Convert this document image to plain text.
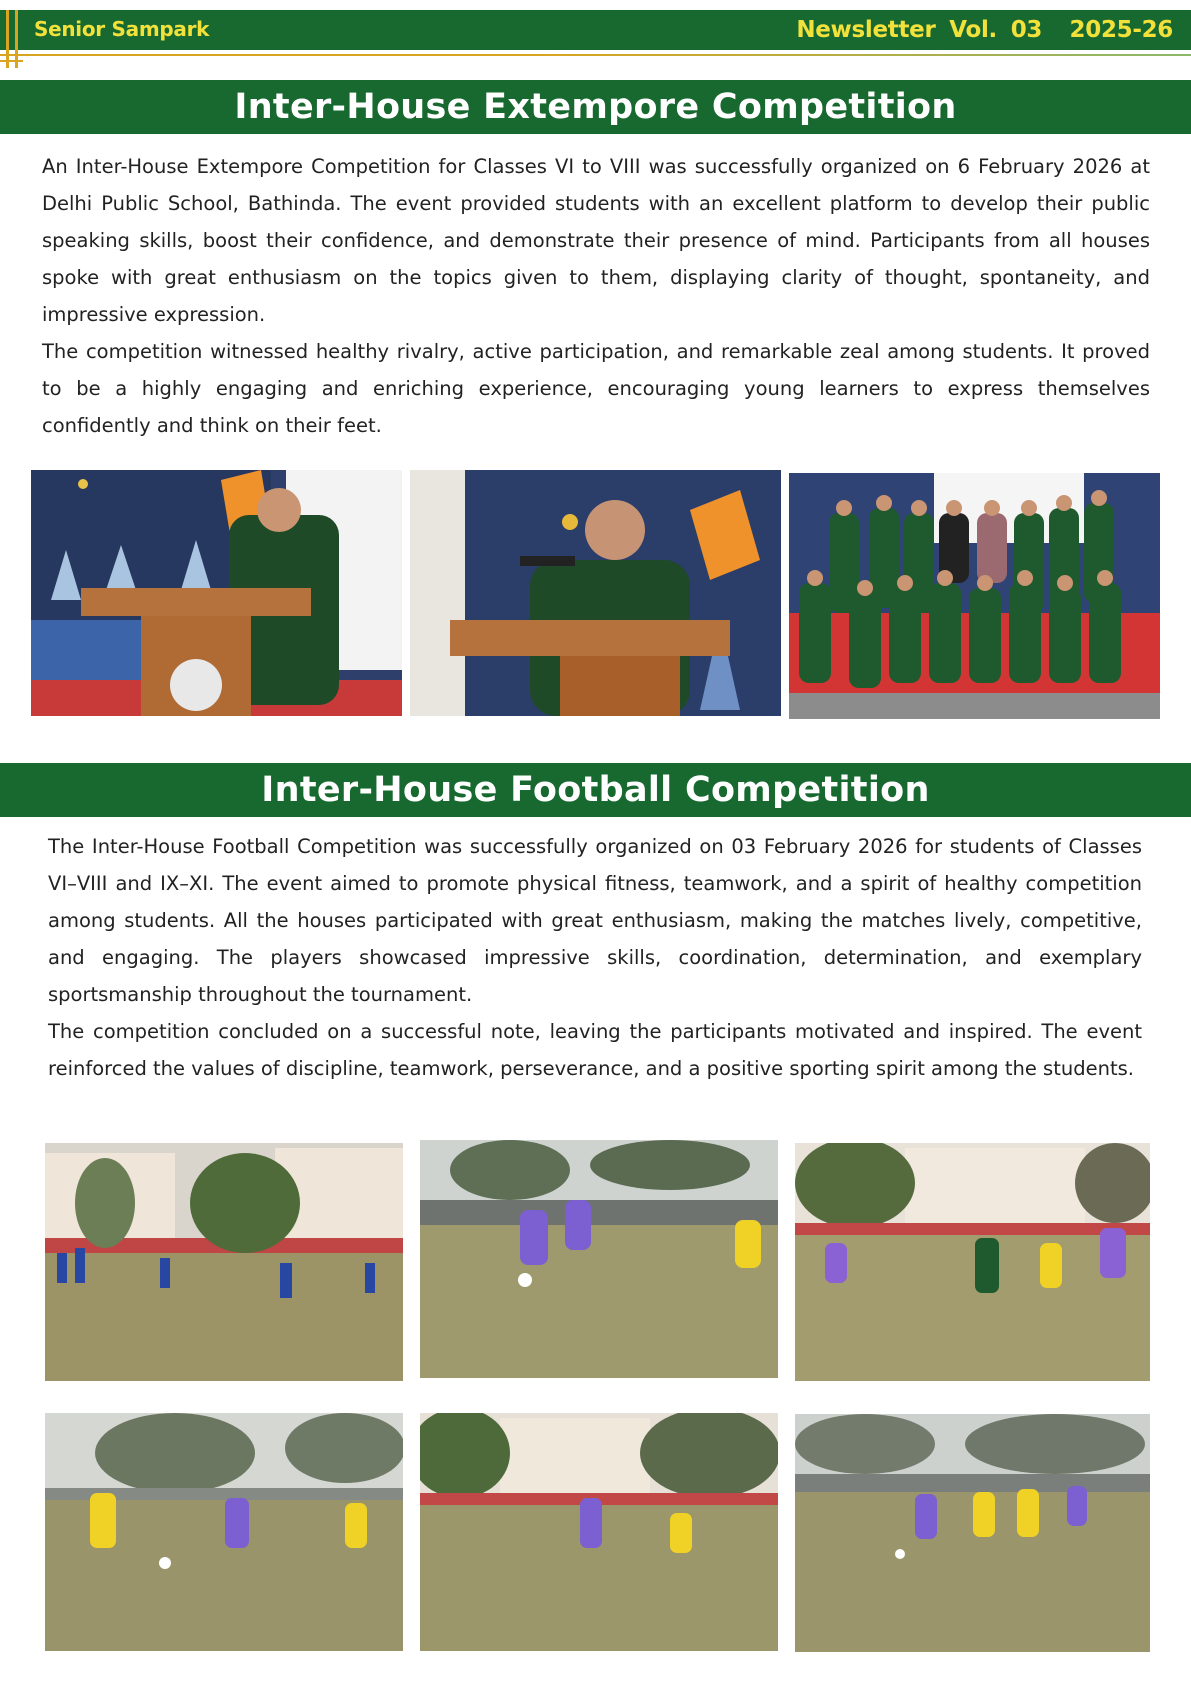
Senior Sampark	Newsletter Vol. 03 2025-26
Inter-House Extempore Competition

An Inter-House Extempore Competition for Classes VI to VIII was successfully organized on 6 February 2026 at Delhi Public School, Bathinda. The event provided students with an excellent platform to develop their public speaking skills, boost their confidence, and demonstrate their presence of mind. Participants from all houses spoke with great enthusiasm on the topics given to them, displaying clarity of thought, spontaneity, and impressive expression.

The competition witnessed healthy rivalry, active participation, and remarkable zeal among students. It proved to be a highly engaging and enriching experience, encouraging young learners to express themselves confidently and think on their feet.

Inter-House Football Competition

The Inter-House Football Competition was successfully organized on 03 February 2026 for students of Classes VI–VIII and IX–XI. The event aimed to promote physical fitness, teamwork, and a spirit of healthy competition among students. All the houses participated with great enthusiasm, making the matches lively, competitive, and engaging. The players showcased impressive skills, coordination, determination, and exemplary sportsmanship throughout the tournament.

The competition concluded on a successful note, leaving the participants motivated and inspired. The event reinforced the values of discipline, teamwork, perseverance, and a positive sporting spirit among the students.
